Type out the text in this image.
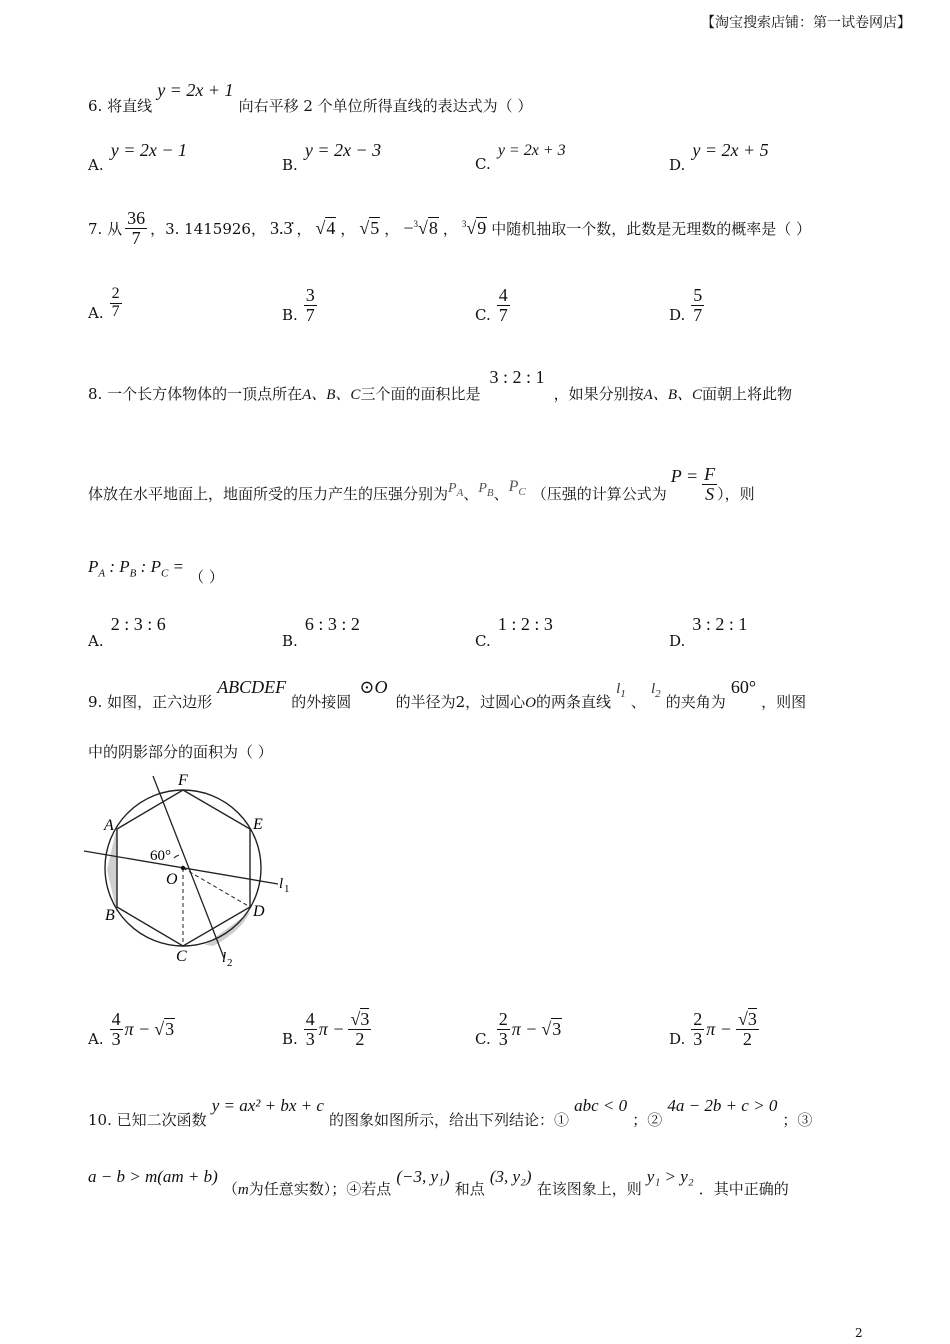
【淘宝搜索店铺：第一试卷网店】
6. 将直线 y = 2x + 1 向右平移 2 个单位所得直线的表达式为（ ）
A. y = 2x − 1
B. y = 2x − 3
C. y = 2x + 3
D. y = 2x + 5
7. 从 $\frac{36}{7}$ ，3. 1415926， 3.3̇ ， √4 ， √5 ， −$^3$√8 ， $^3$√9 中随机抽取一个数，此数是无理数的概率是（ ）
A. $\frac{2}{7}$	B. $\frac{3}{7}$	C. $\frac{4}{7}$	D. $\frac{5}{7}$
8. 一个长方体物体的一顶点所在A、B、C三个面的面积比是 3 : 2 : 1 ，如果分别按A、B、C面朝上将此物
体放在水平地面上，地面所受的压力产生的压强分别为 $P_A$ 、 $P_B$ 、 $P_C$ （压强的计算公式为
$P = \frac{F}{S}$ ），则
$P_A$ : $P_B$ : $P_C$ = （ ）
A. 2 : 3 : 6
B. 6 : 3 : 2
C. 1 : 2 : 3
D. 3 : 2 : 1
9. 如图，正六边形 ABCDEF 的外接圆 ⊙O 的半径为2，过圆心O的两条直线 $l_1$ 、 $l_2$ 的夹角为 60° ，则图
中的阴影部分的面积为（ ）
F
E
A
B
C
D
O
60°
l 1
l 2
A. $\frac{4}{3}$ π − √3
B. $\frac{4}{3}$ $\pi - \frac{√3}{2}$	C. $\frac{2}{3}$ π − √3
D. $\frac{2}{3}$ $\pi - \frac{√3}{2}$
10. 已知二次函数 y = ax² + bx + c 的图象如图所示，给出下列结论：① abc < 0 ；② 4a − 2b + c > 0 ；③
a − b > m(am + b) （m为任意实数）；④若点 (−3, y₁) 和点 (3, y₂) 在该图象上，则 y₁ > y₂ ．其中正确的
2
